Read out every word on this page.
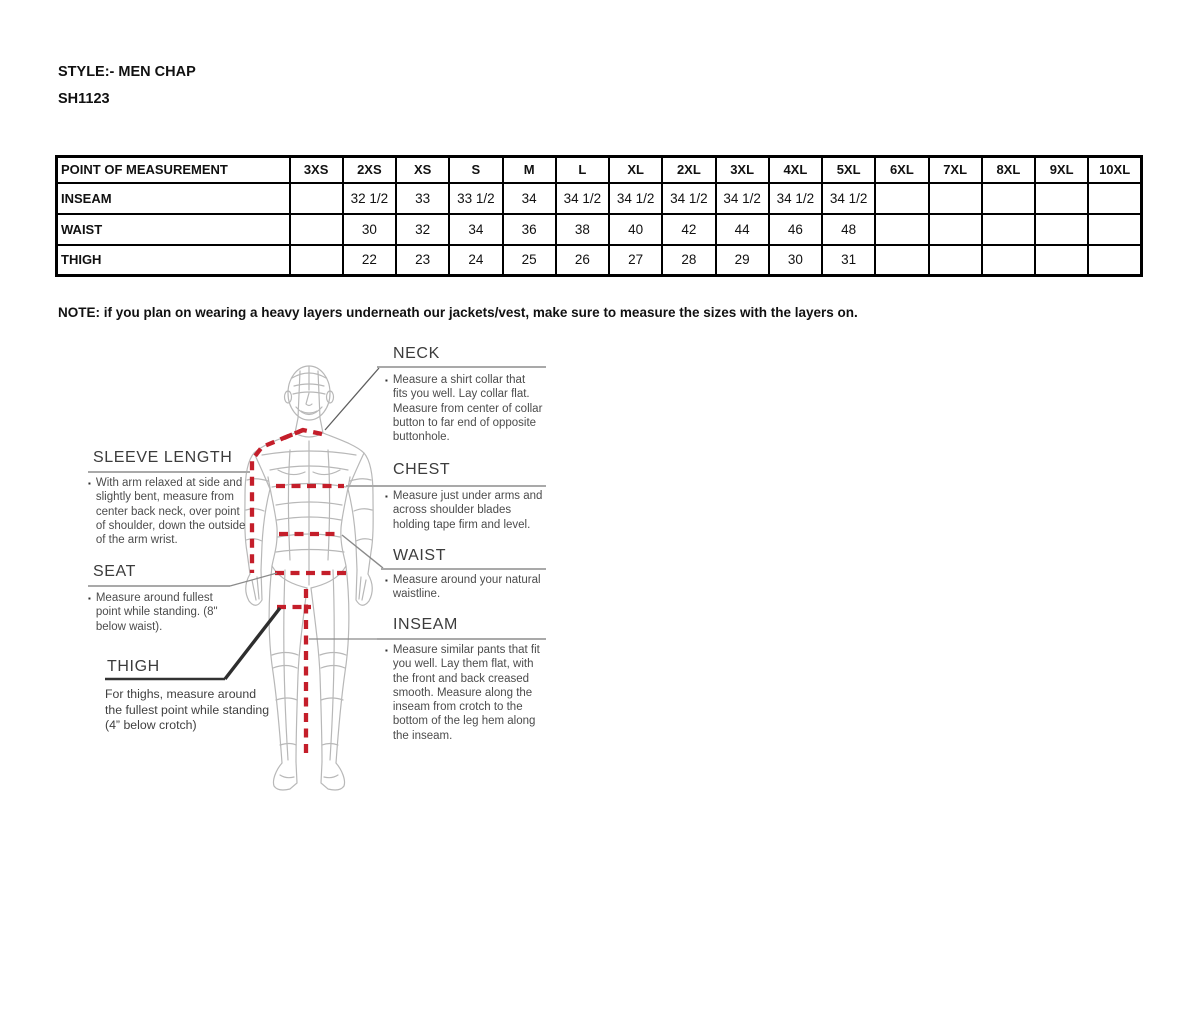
STYLE:- MEN CHAP
SH1123
POINT OF MEASUREMENT	3XS	2XS	XS	S	M	L	XL	2XL	3XL	4XL	5XL	6XL	7XL	8XL	9XL	10XL
INSEAM		32 1/2	33	33 1/2	34	34 1/2	34 1/2	34 1/2	34 1/2	34 1/2	34 1/2					
WAIST		30	32	34	36	38	40	42	44	46	48					
THIGH		22	23	24	25	26	27	28	29	30	31					
NOTE: if you plan on wearing a heavy layers underneath our jackets/vest, make sure to measure the sizes with the layers on.
NECK
▪ Measure a shirt collar that fits you well. Lay collar flat. Measure from center of collar button to far end of opposite buttonhole.
CHEST
▪ Measure just under arms and across shoulder blades holding tape firm and level.
WAIST
▪ Measure around your natural waistline.
INSEAM
▪ Measure similar pants that fit you well. Lay them flat, with the front and back creased smooth. Measure along the inseam from crotch to the bottom of the leg hem along the inseam.
SLEEVE LENGTH
▪ With arm relaxed at side and slightly bent, measure from center back neck, over point of shoulder, down the outside of the arm wrist.
SEAT
▪ Measure around fullest point while standing. (8" below waist).
THIGH
For thighs, measure around the fullest point while standing (4” below crotch)
